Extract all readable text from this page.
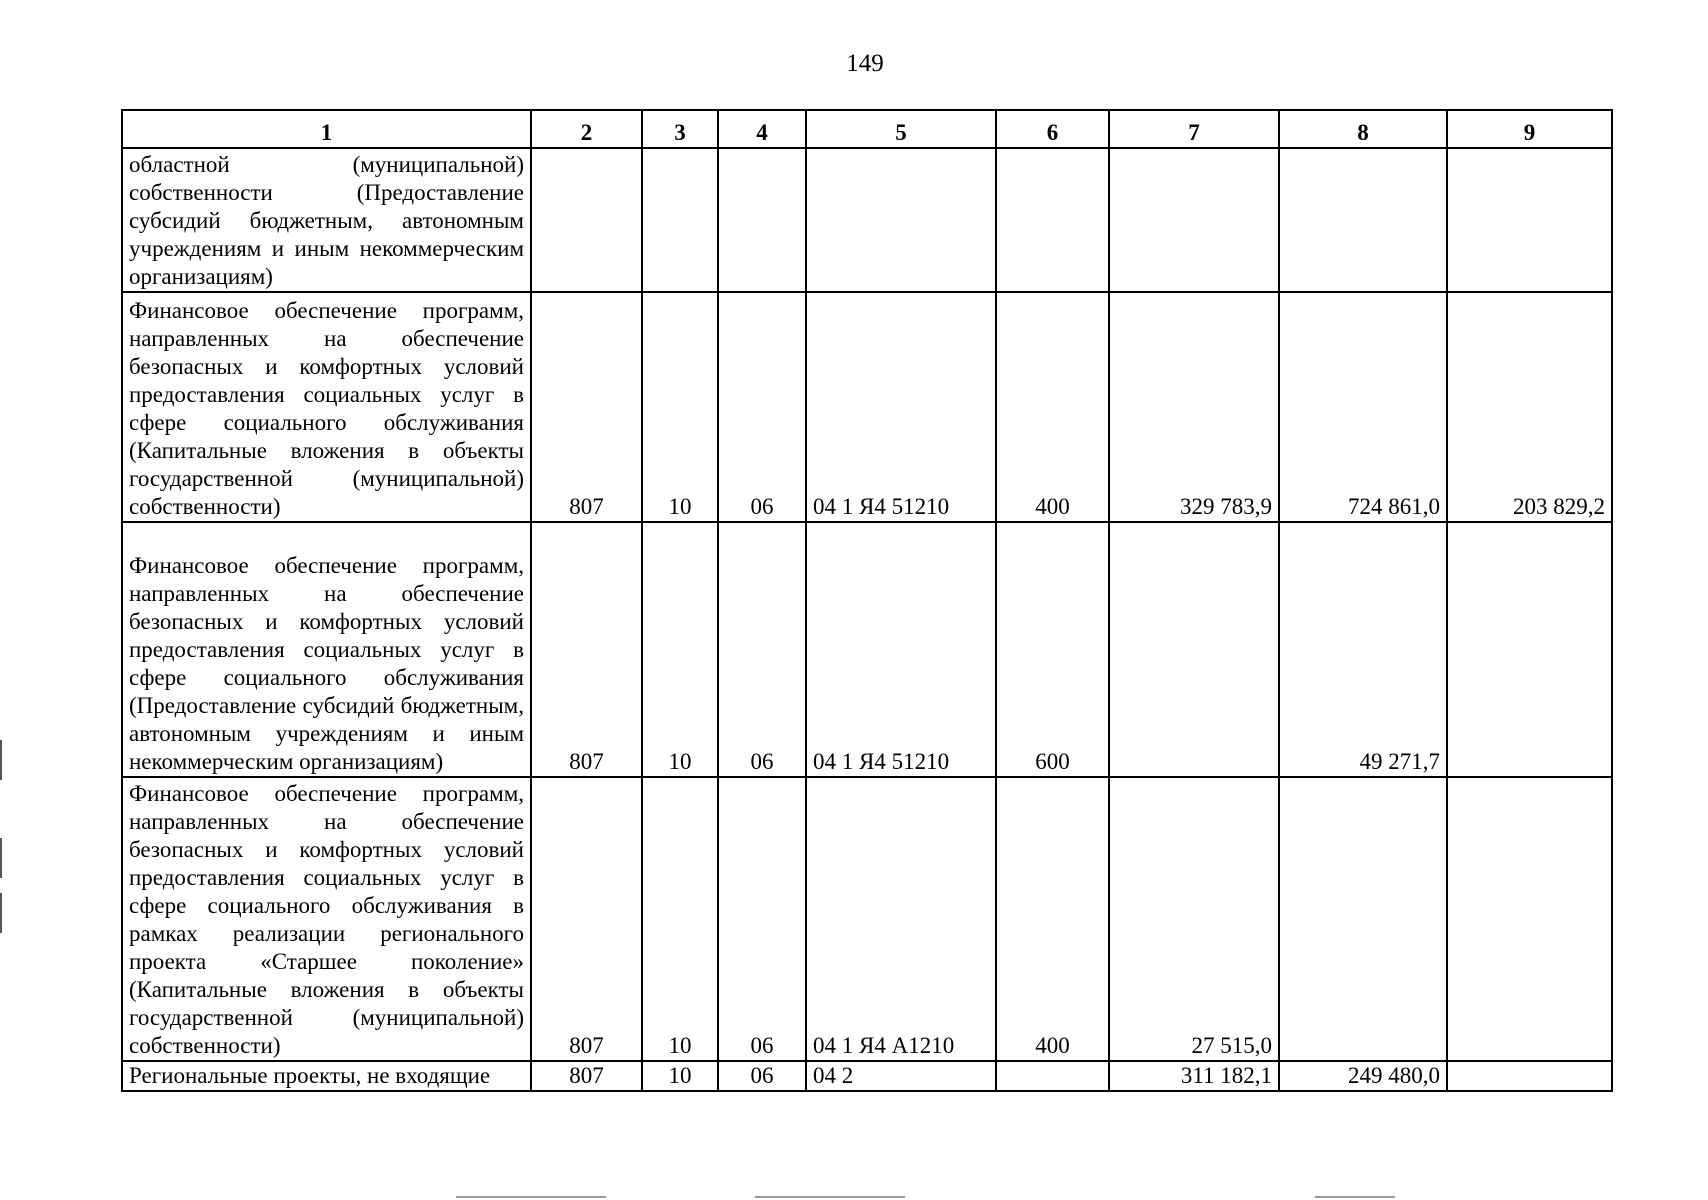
149
1	2	3	4	5	6	7	8	9
областной (муниципальной) собственности (Предоставление субсидий бюджетным, автономным учреждениям и иным некоммерческим организациям)								
Финансовое обеспечение программ, направленных на обеспечение безопасных и комфортных условий предоставления социальных услуг в сфере социального обслуживания (Капитальные вложения в объекты государственной (муниципальной) собственности)	807	10	06	04 1 Я4 51210	400	329 783,9	724 861,0	203 829,2
Финансовое обеспечение программ, направленных на обеспечение безопасных и комфортных условий предоставления социальных услуг в сфере социального обслуживания (Предоставление субсидий бюджетным, автономным учреждениям и иным некоммерческим организациям)	807	10	06	04 1 Я4 51210	600		49 271,7	
Финансовое обеспечение программ, направленных на обеспечение безопасных и комфортных условий предоставления социальных услуг в сфере социального обслуживания в рамках реализации регионального проекта «Старшее поколение» (Капитальные вложения в объекты государственной (муниципальной) собственности)	807	10	06	04 1 Я4 А1210	400	27 515,0		
Региональные проекты, не входящие	807	10	06	04 2		311 182,1	249 480,0	
